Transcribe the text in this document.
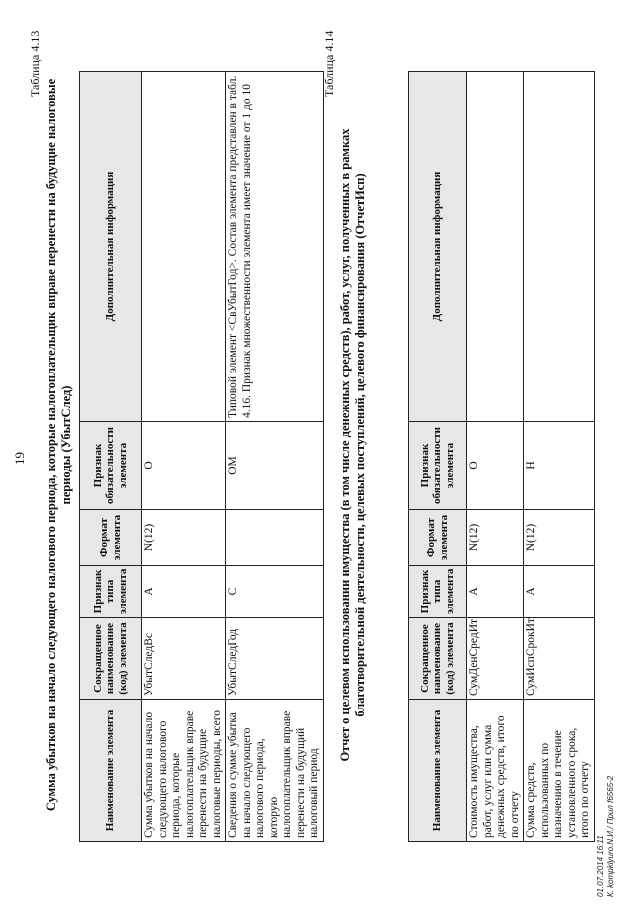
19
Таблица 4.13
Сумма убытков на начало следующего налогового периода, которые налогоплательщик вправе перенести на будущие налоговые периоды (УбытСлед)
Наименование элемента	Сокращенное наименование (код) элемента	Признак типа элемента	Формат элемента	Признак обязательности элемента	Дополнительная информация
Сумма убытков на начало следующего налогового периода, которые налогоплательщик вправе перенести на будущие налоговые периоды, всего	УбытСледВс	А	N(12)	О	
Сведения о сумме убытка на начало следующего налогового периода, которую налогоплательщик вправе перенести на будущий налоговый период	УбытСледГод	С		ОМ	Типовой элемент <СвУбытГод>. Состав элемента представлен в табл. 4.16. Признак множественности элемента имеет значение от 1 до 10
Таблица 4.14
Отчет о целевом использовании имущества (в том числе денежных средств), работ, услуг, полученных в рамках благотворительной деятельности, целевых поступлений, целевого финансирования (ОтчетИсп)
Наименование элемента	Сокращенное наименование (код) элемента	Признак типа элемента	Формат элемента	Признак обязательности элемента	Дополнительная информация
Стоимость имущества, работ, услуг или сумма денежных средств, итого по отчету	СумДенСредИт	А	N(12)	О	
Сумма средств, использованных по назначению в течение установленного срока, итого по отчету	СумИспСрокИт	А	N(12)	Н	
01.07.2014 16:11 К. kompklyuro.N.И./ Прил f6565-2
